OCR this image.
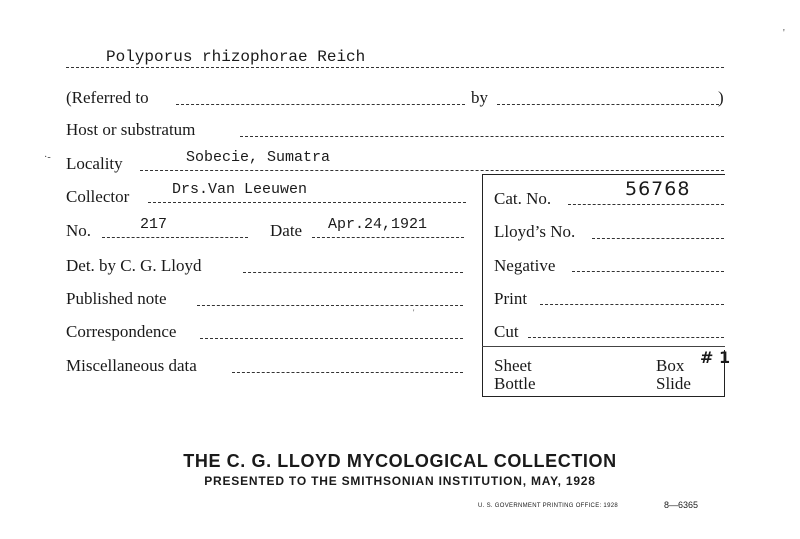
Polyporus rhizophorae Reich
(Referred to	by	)
Host or substratum
·- Locality	Sobecie, Sumatra
Collector	Drs.Van Leeuwen
No.	217	Date Apr.24,1921
Det. by C. G. Lloyd
Published note
Correspondence
'
Miscellaneous data
Cat. No.	56768
Lloyd’s No.
Negative
Print
Cut
Sheet
Bottle
Box # 1
Slide
THE C. G. LLOYD MYCOLOGICAL COLLECTION
PRESENTED TO THE SMITHSONIAN INSTITUTION, MAY, 1928
U. S. GOVERNMENT PRINTING OFFICE: 1928	8—6365
'
